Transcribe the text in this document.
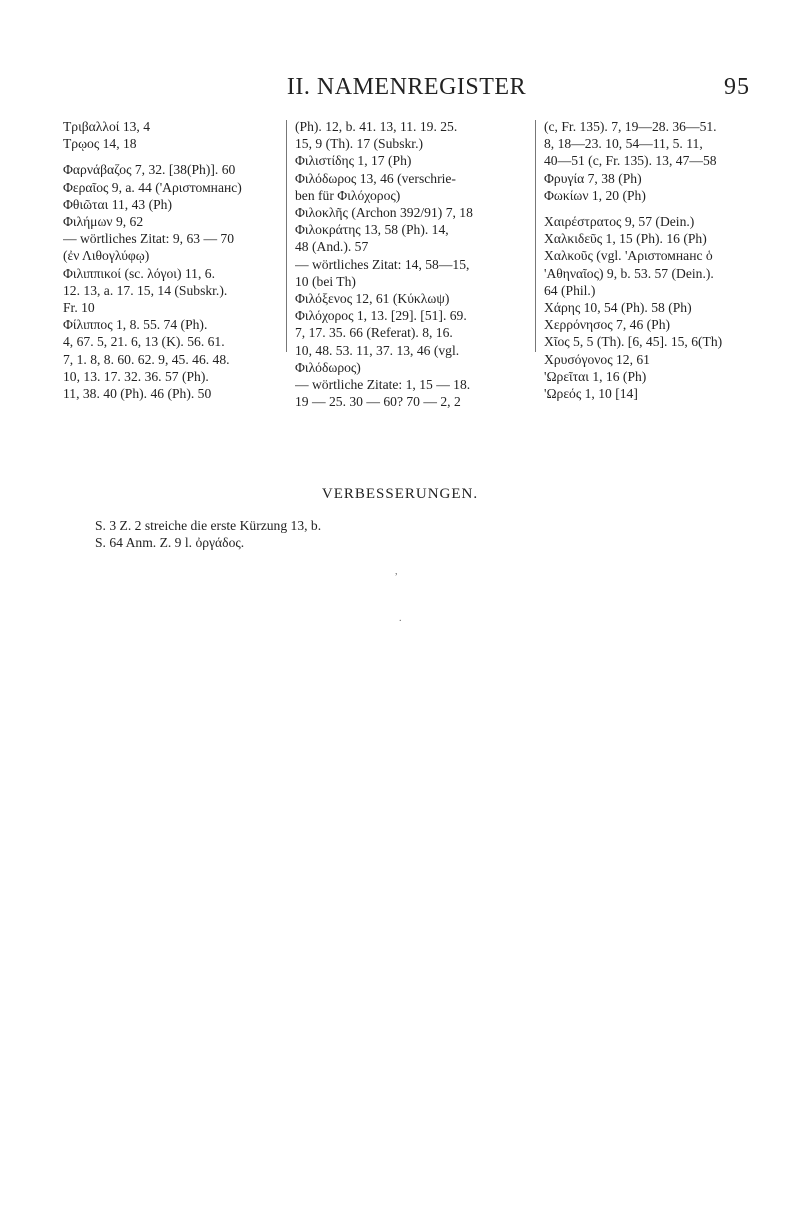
II. NAMENREGISTER	95

Τριβαλλοί 13, 4

Τρῳος 14, 18

Φαρνάβαζος 7, 32. [38(Ph)]. 60

Φεραῖος 9, a. 44 ('Αρισтомнанс)

Φθιῶται 11, 43 (Ph)

Φιλήμων 9, 62

— wörtliches Zitat: 9, 63 — 70

(ἐν Λιθογλύφῳ)

Φιλιππικοί (sc. λόγοι) 11, 6.

12. 13, a. 17. 15, 14 (Subskr.).

Fr. 10

Φίλιππος 1, 8. 55. 74 (Ph).

4, 67. 5, 21. 6, 13 (K). 56. 61.

7, 1. 8, 8. 60. 62. 9, 45. 46. 48.

10, 13. 17. 32. 36. 57 (Ph).

11, 38. 40 (Ph). 46 (Ph). 50

(Ph). 12, b. 41. 13, 11. 19. 25.

15, 9 (Th). 17 (Subskr.)

Φιλιστίδης 1, 17 (Ph)

Φιλόδωρος 13, 46 (verschrie-

ben für Φιλόχορος)

Φιλοκλῆς (Archon 392/91) 7, 18

Φιλοκράτης 13, 58 (Ph). 14,

48 (And.). 57

— wörtliches Zitat: 14, 58—15,

10 (bei Th)

Φιλόξενος 12, 61 (Κύκλωψ)

Φιλόχορος 1, 13. [29]. [51]. 69.

7, 17. 35. 66 (Referat). 8, 16.

10, 48. 53. 11, 37. 13, 46 (vgl.

Φιλόδωρος)

— wörtliche Zitate: 1, 15 — 18.

19 — 25. 30 — 60? 70 — 2, 2

(c, Fr. 135). 7, 19—28. 36—51.

8, 18—23. 10, 54—11, 5. 11,

40—51 (c, Fr. 135). 13, 47—58

Φρυγία 7, 38 (Ph)

Φωκίων 1, 20 (Ph)

Χαιρέστρατος 9, 57 (Dein.)

Χαλκιδεῦς 1, 15 (Ph). 16 (Ph)

Χαλκοῦς (vgl. 'Αρισтомнанс ὁ

'Αθηναῖος) 9, b. 53. 57 (Dein.).

64 (Phil.)

Χάρης 10, 54 (Ph). 58 (Ph)

Χερρόνησος 7, 46 (Ph)

Χῖος 5, 5 (Th). [6, 45]. 15, 6(Th)

Χρυσόγονος 12, 61

'Ωρεῖται 1, 16 (Ph)

'Ωρεός 1, 10 [14]

VERBESSERUNGEN.

S. 3 Z. 2 streiche die erste Kürzung 13, b.

S. 64 Anm. Z. 9 l. ὀργάδος.

,
.
